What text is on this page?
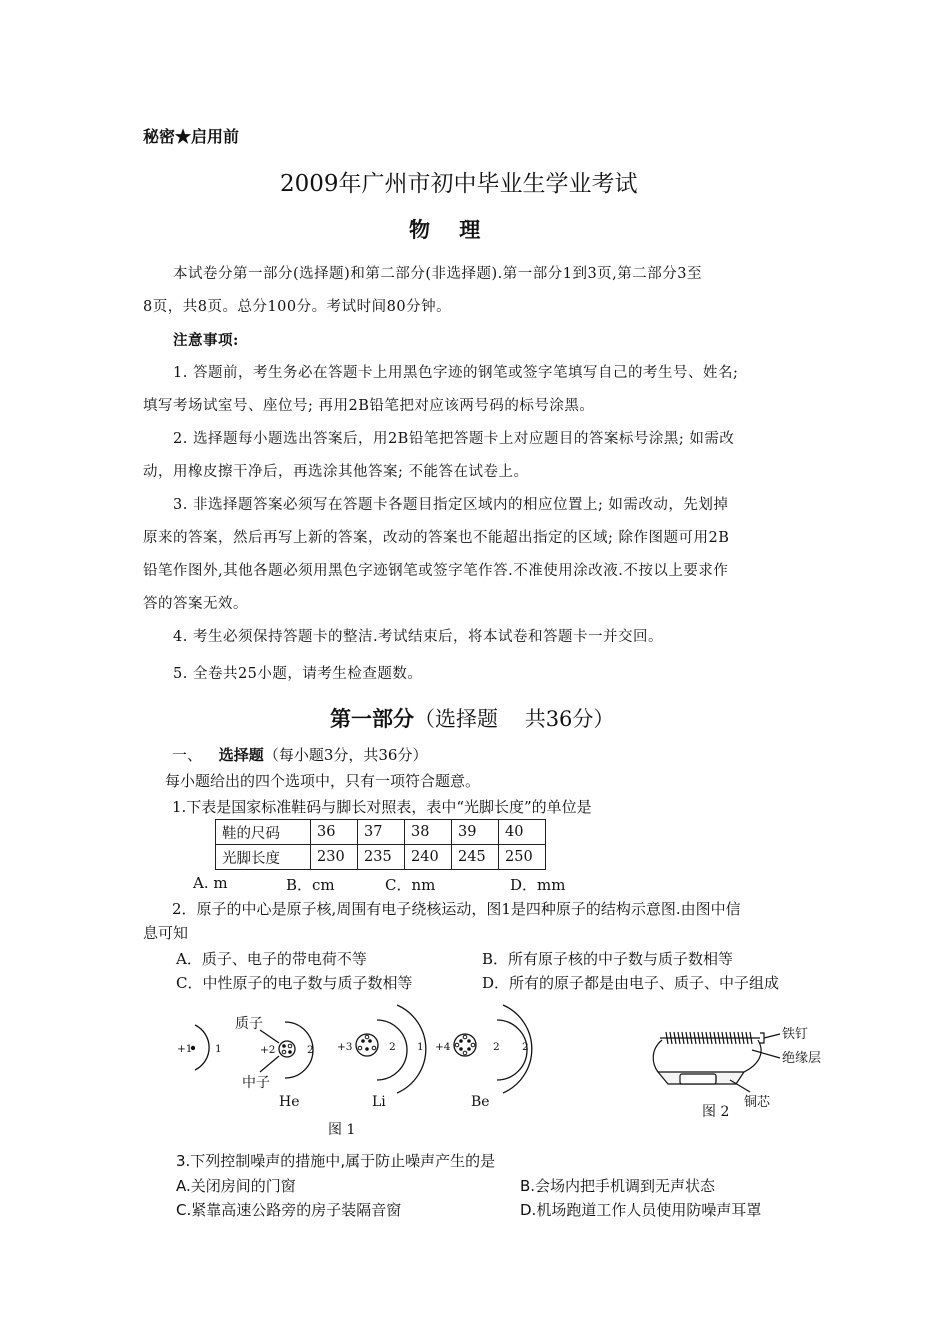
秘密★启用前
2009年广州市初中毕业生学业考试
物    理

本试卷分第一部分(选择题)和第二部分(非选择题).第一部分1到3页,第二部分3至

8页，共8页。总分100分。考试时间80分钟。

注意事项:

1. 答题前，考生务必在答题卡上用黑色字迹的钢笔或签字笔填写自己的考生号、姓名;

填写考场试室号、座位号; 再用2B铅笔把对应该两号码的标号涂黑。

2. 选择题每小题选出答案后，用2B铅笔把答题卡上对应题目的答案标号涂黑; 如需改

动，用橡皮擦干净后，再选涂其他答案; 不能答在试卷上。

3. 非选择题答案必须写在答题卡各题目指定区域内的相应位置上; 如需改动，先划掉

原来的答案，然后再写上新的答案，改动的答案也不能超出指定的区域; 除作图题可用2B
铅笔作图外,其他各题必须用黑色字迹钢笔或签字笔作答.不准使用涂改液.不按以上要求作
答的答案无效。

4. 考生必须保持答题卡的整洁.考试结束后，将本试卷和答题卡一并交回。

5. 全卷共25小题，请考生检查题数。

第一部分（选择题    共36分）
一、 选择题（每小题3分，共36分）
每小题给出的四个选项中，只有一项符合题意。
1.下表是国家标准鞋码与脚长对照表，表中“光脚长度”的单位是
鞋的尺码	36	37	38	39	40
光脚长度	230	235	240	245	250
A. m	B．cm	C．nm	D．mm
2．原子的中心是原子核,周围有电子绕核运动，图1是四种原子的结构示意图.由图中信
息可知
A．质子、电子的带电荷不等	B．所有原子核的中子数与质子数相等
C．中性原子的电子数与质子数相等	D．所有的原子都是由电子、质子、中子组成
+1 1	+2	2 +3	2 1 +4	2 2
质子
中子
He	Li	Be
图 1
铁钉
绝缘层
铜芯
图 2
3.下列控制噪声的措施中,属于防止噪声产生的是
A.关闭房间的门窗	B.会场内把手机调到无声状态
C.紧靠高速公路旁的房子装隔音窗	D.机场跑道工作人员使用防噪声耳罩
